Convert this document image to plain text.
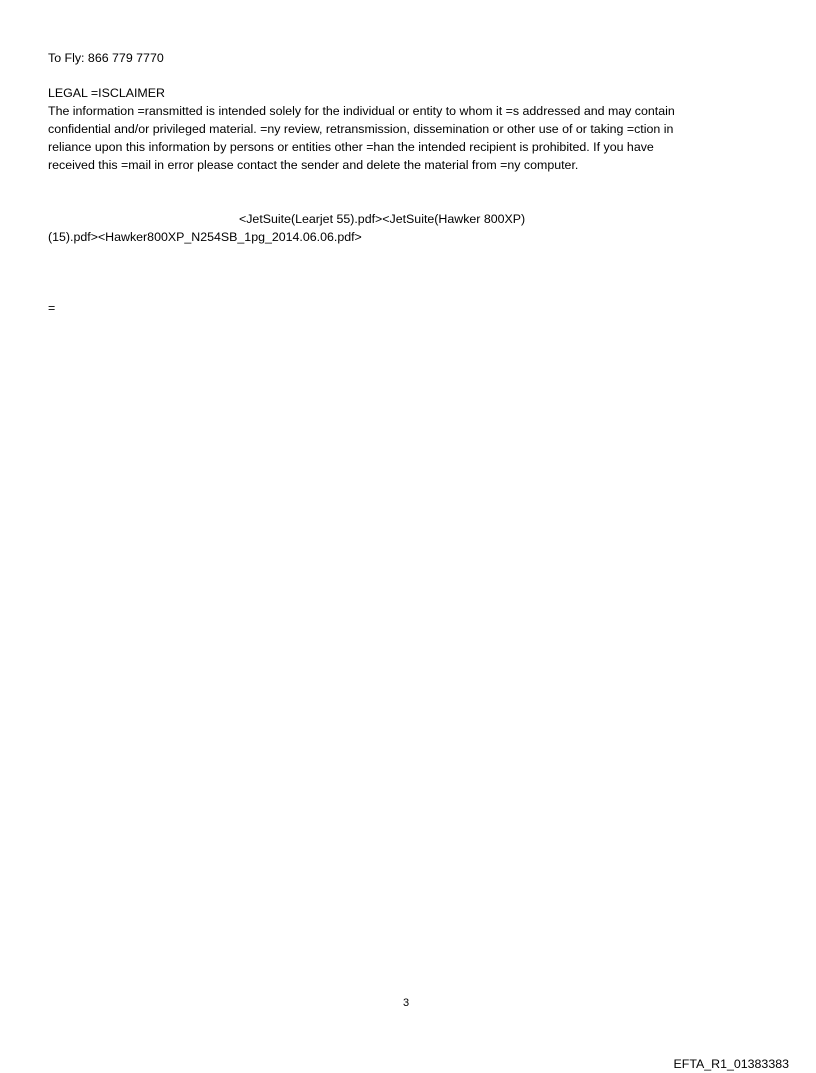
To Fly: 866 779 7770
LEGAL =ISCLAIMER
The information =ransmitted is intended solely for the individual or entity to whom it =s addressed and may contain
confidential and/or privileged material. =ny review, retransmission, dissemination or other use of or taking =ction in
reliance upon this information by persons or entities other =han the intended recipient is prohibited. If you have
received this =mail in error please contact the sender and delete the material from =ny computer.
<JetSuite(Learjet 55).pdf><JetSuite(Hawker 800XP)
(15).pdf><Hawker800XP_N254SB_1pg_2014.06.06.pdf>
=
3
EFTA_R1_01383383
